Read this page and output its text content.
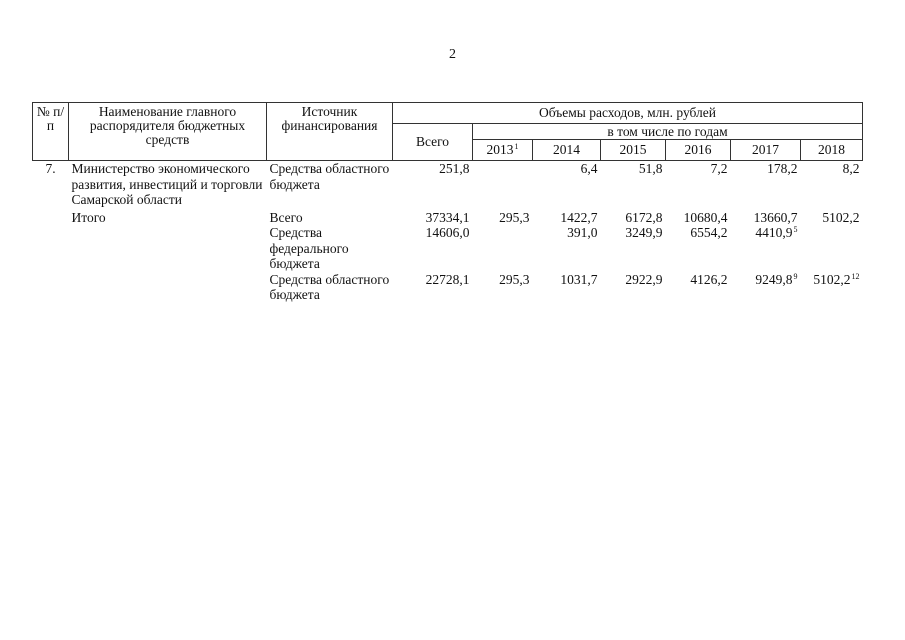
2
№ п/п	Наименование главного распорядителя бюджетных средств	Источник финансирования	Объемы расходов, млн. рублей						
			Всего	в том числе по годам					
				2013$^1$	2014	2015	2016	2017	2018
7.	Министерство экономического развития, инвестиций и торговли Самарской области	Средства областного бюджета	251,8		6,4	51,8	7,2	178,2	8,2

	Итого	Всего	37334,1	295,3	1422,7	6172,8	10680,4	13660,7	5102,2
		Средства федерального бюджета	14606,0		391,0	3249,9	6554,2	4410,9$^5$	
		Средства областного бюджета	22728,1	295,3	1031,7	2922,9	4126,2	9249,8$^9$	5102,2$^{12}$
